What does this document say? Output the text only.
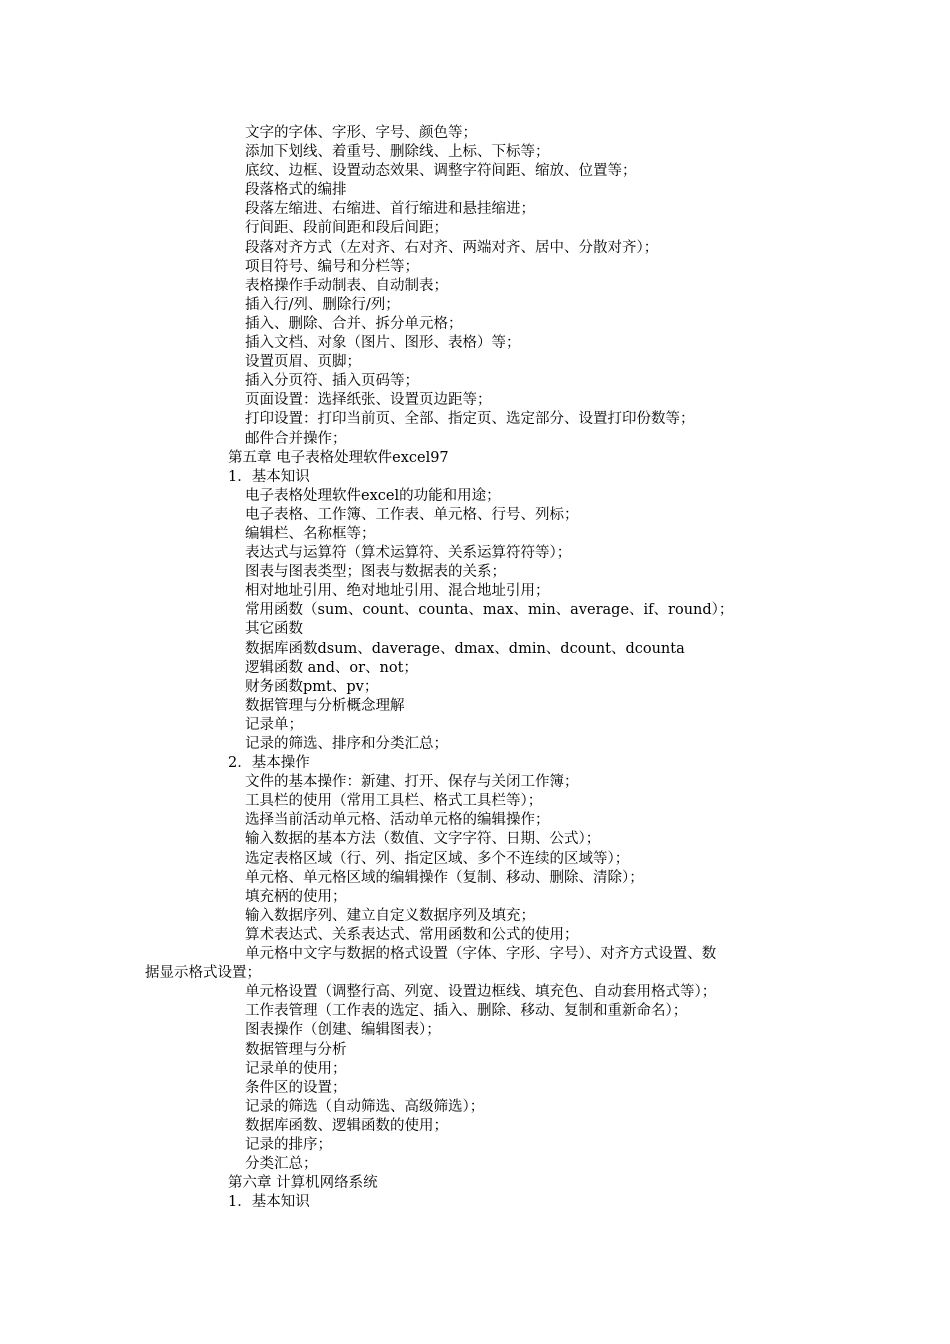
文字的字体、字形、字号、颜色等；
添加下划线、着重号、删除线、上标、下标等；
底纹、边框、设置动态效果、调整字符间距、缩放、位置等；
段落格式的编排
段落左缩进、右缩进、首行缩进和悬挂缩进；
行间距、段前间距和段后间距；
段落对齐方式（左对齐、右对齐、两端对齐、居中、分散对齐）；
项目符号、编号和分栏等；
表格操作手动制表、自动制表；
插入行/列、删除行/列；
插入、删除、合并、拆分单元格；
插入文档、对象（图片、图形、表格）等；
设置页眉、页脚；
插入分页符、插入页码等；
页面设置：选择纸张、设置页边距等；
打印设置：打印当前页、全部、指定页、选定部分、设置打印份数等；
邮件合并操作；
第五章 电子表格处理软件excel97
1．基本知识
电子表格处理软件excel的功能和用途；
电子表格、工作簿、工作表、单元格、行号、列标；
编辑栏、名称框等；
表达式与运算符（算术运算符、关系运算符符等）；
图表与图表类型；图表与数据表的关系；
相对地址引用、绝对地址引用、混合地址引用；
常用函数（sum、count、counta、max、min、average、if、round）；
其它函数
数据库函数dsum、daverage、dmax、dmin、dcount、dcounta
逻辑函数 and、or、not；
财务函数pmt、pv；
数据管理与分析概念理解
记录单；
记录的筛选、排序和分类汇总；
2．基本操作
文件的基本操作：新建、打开、保存与关闭工作簿；
工具栏的使用（常用工具栏、格式工具栏等）；
选择当前活动单元格、活动单元格的编辑操作；
输入数据的基本方法（数值、文字字符、日期、公式）；
选定表格区域（行、列、指定区域、多个不连续的区域等）；
单元格、单元格区域的编辑操作（复制、移动、删除、清除）；
填充柄的使用；
输入数据序列、建立自定义数据序列及填充；
算术表达式、关系表达式、常用函数和公式的使用；
单元格中文字与数据的格式设置（字体、字形、字号）、对齐方式设置、数
据显示格式设置；
单元格设置（调整行高、列宽、设置边框线、填充色、自动套用格式等）；
工作表管理（工作表的选定、插入、删除、移动、复制和重新命名）；
图表操作（创建、编辑图表）；
数据管理与分析
记录单的使用；
条件区的设置；
记录的筛选（自动筛选、高级筛选）；
数据库函数、逻辑函数的使用；
记录的排序；
分类汇总；
第六章 计算机网络系统
1．基本知识
